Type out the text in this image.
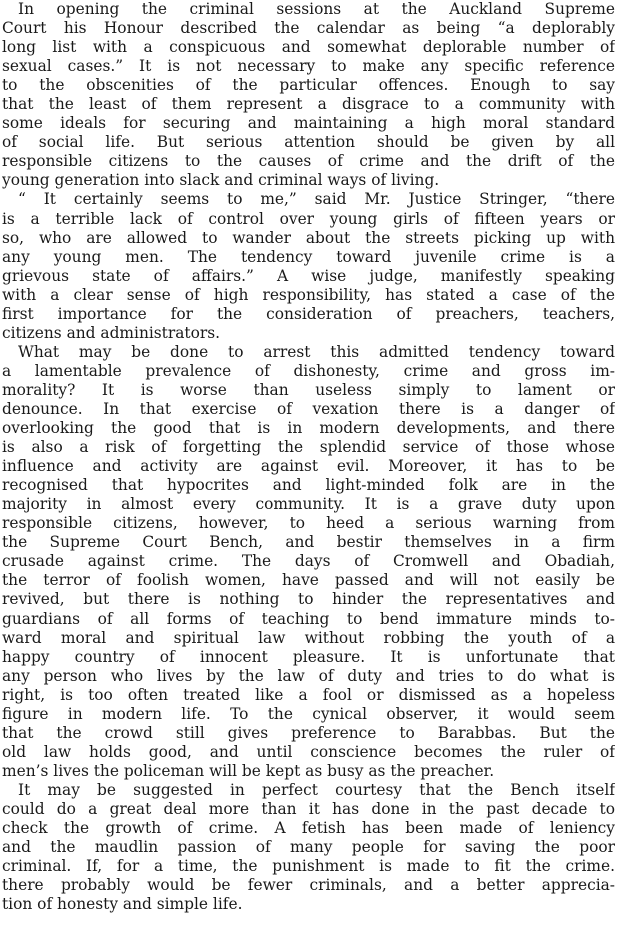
In opening the criminal sessions at the Auckland Supreme
Court his Honour described the calendar as being “a deplorably
long list with a conspicuous and somewhat deplorable number of
sexual cases.” It is not necessary to make any specific reference
to the obscenities of the particular offences. Enough to say
that the least of them represent a disgrace to a community with
some ideals for securing and maintaining a high moral standard
of social life. But serious attention should be given by all
responsible citizens to the causes of crime and the drift of the
young generation into slack and criminal ways of living.
“ It certainly seems to me,” said Mr. Justice Stringer, “there
is a terrible lack of control over young girls of fifteen years or
so, who are allowed to wander about the streets picking up with
any young men. The tendency toward juvenile crime is a
grievous state of affairs.” A wise judge, manifestly speaking
with a clear sense of high responsibility, has stated a case of the
first importance for the consideration of preachers, teachers,
citizens and administrators.
What may be done to arrest this admitted tendency toward
a lamentable prevalence of dishonesty, crime and gross im-
morality? It is worse than useless simply to lament or
denounce. In that exercise of vexation there is a danger of
overlooking the good that is in modern developments, and there
is also a risk of forgetting the splendid service of those whose
influence and activity are against evil. Moreover, it has to be
recognised that hypocrites and light-minded folk are in the
majority in almost every community. It is a grave duty upon
responsible citizens, however, to heed a serious warning from
the Supreme Court Bench, and bestir themselves in a firm
crusade against crime. The days of Cromwell and Obadiah,
the terror of foolish women, have passed and will not easily be
revived, but there is nothing to hinder the representatives and
guardians of all forms of teaching to bend immature minds to-
ward moral and spiritual law without robbing the youth of a
happy country of innocent pleasure. It is unfortunate that
any person who lives by the law of duty and tries to do what is
right, is too often treated like a fool or dismissed as a hopeless
figure in modern life. To the cynical observer, it would seem
that the crowd still gives preference to Barabbas. But the
old law holds good, and until conscience becomes the ruler of
men’s lives the policeman will be kept as busy as the preacher.
It may be suggested in perfect courtesy that the Bench itself
could do a great deal more than it has done in the past decade to
check the growth of crime. A fetish has been made of leniency
and the maudlin passion of many people for saving the poor
criminal. If, for a time, the punishment is made to fit the crime.
there probably would be fewer criminals, and a better apprecia-
tion of honesty and simple life.
